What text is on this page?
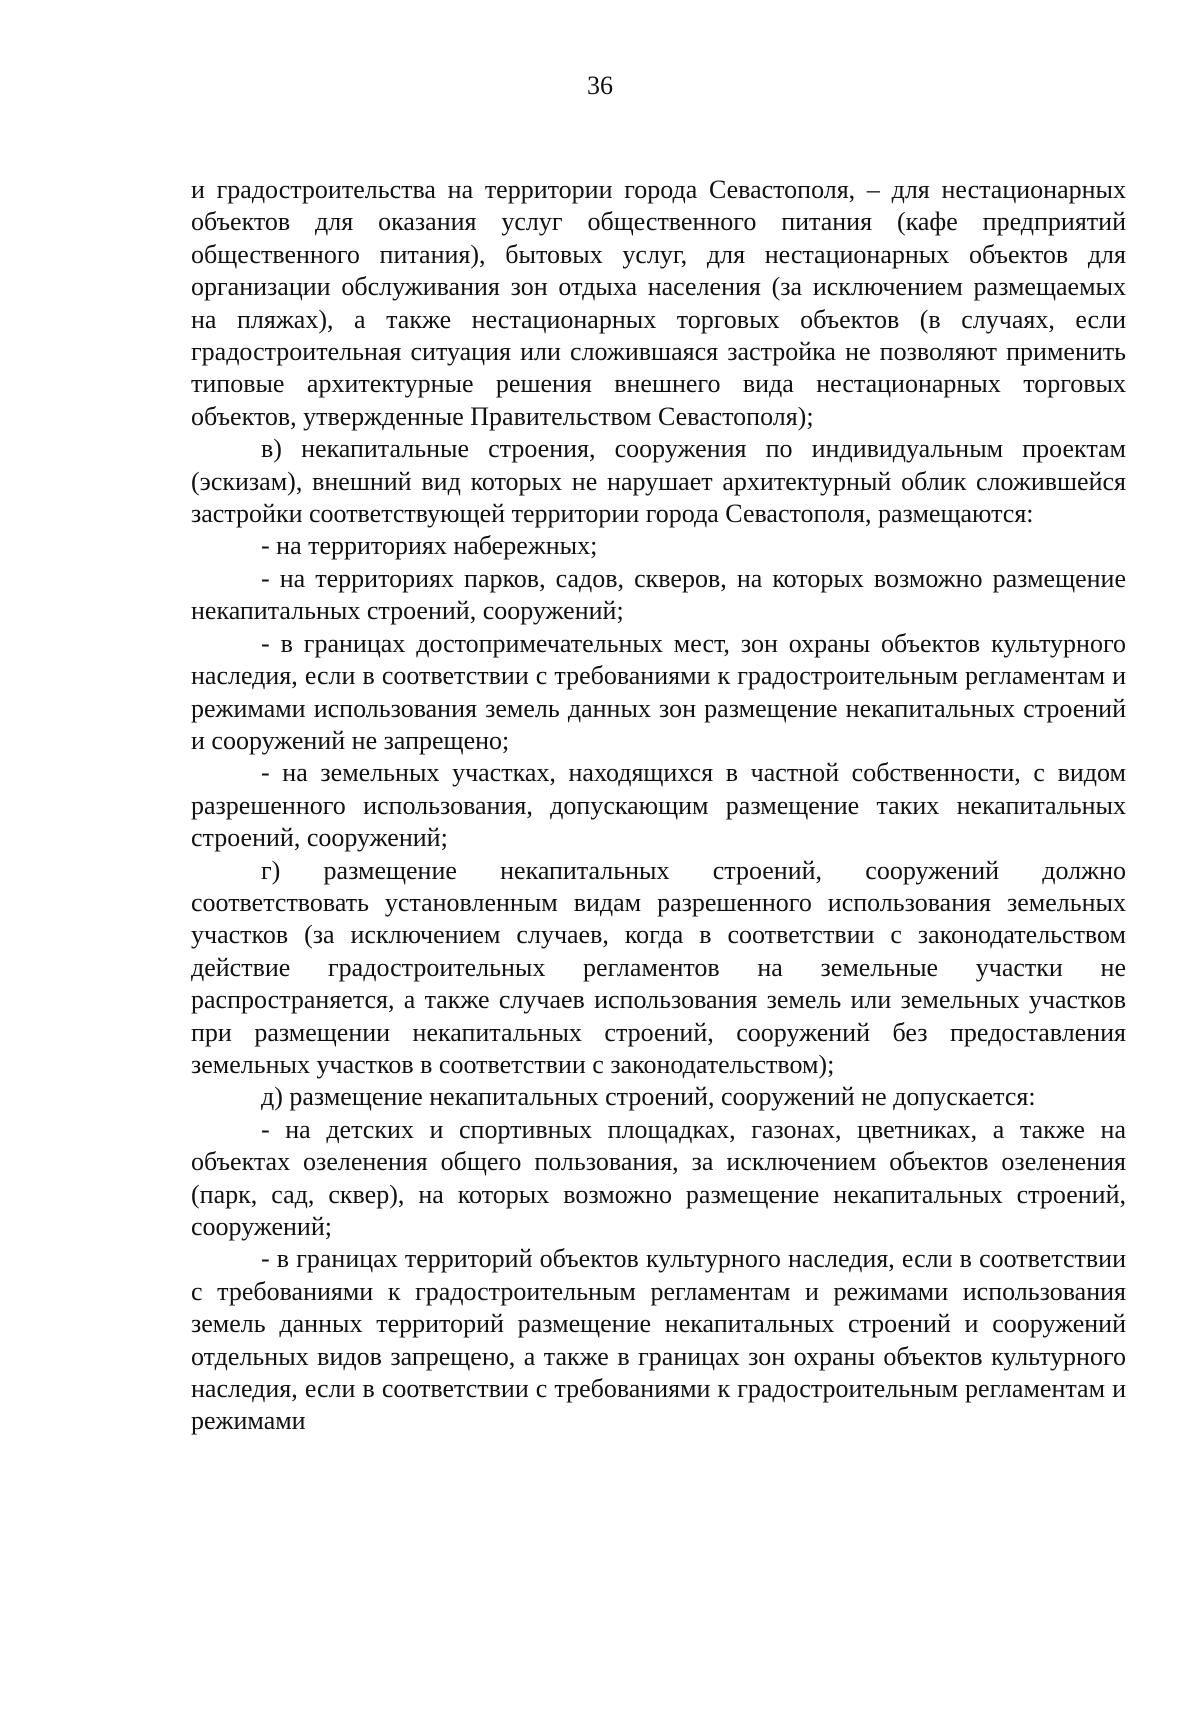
36

и градостроительства на территории города Севастополя, – для нестационарных объектов для оказания услуг общественного питания (кафе предприятий общественного питания), бытовых услуг, для нестационарных объектов для организации обслуживания зон отдыха населения (за исключением размещаемых на пляжах), а также нестационарных торговых объектов (в случаях, если градостроительная ситуация или сложившаяся застройка не позволяют применить типовые архитектурные решения внешнего вида нестационарных торговых объектов, утвержденные Правительством Севастополя);

в) некапитальные строения, сооружения по индивидуальным проектам (эскизам), внешний вид которых не нарушает архитектурный облик сложившейся застройки соответствующей территории города Севастополя, размещаются:

- на территориях набережных;

- на территориях парков, садов, скверов, на которых возможно размещение некапитальных строений, сооружений;

- в границах достопримечательных мест, зон охраны объектов культурного наследия, если в соответствии с требованиями к градостроительным регламентам и режимами использования земель данных зон размещение некапитальных строений и сооружений не запрещено;

- на земельных участках, находящихся в частной собственности, с видом разрешенного использования, допускающим размещение таких некапитальных строений, сооружений;

г) размещение некапитальных строений, сооружений должно соответствовать установленным видам разрешенного использования земельных участков (за исключением случаев, когда в соответствии с законодательством действие градостроительных регламентов на земельные участки не распространяется, а также случаев использования земель или земельных участков при размещении некапитальных строений, сооружений без предоставления земельных участков в соответствии с законодательством);

д) размещение некапитальных строений, сооружений не допускается:

- на детских и спортивных площадках, газонах, цветниках, а также на объектах озеленения общего пользования, за исключением объектов озеленения (парк, сад, сквер), на которых возможно размещение некапитальных строений, сооружений;

- в границах территорий объектов культурного наследия, если в соответствии с требованиями к градостроительным регламентам и режимами использования земель данных территорий размещение некапитальных строений и сооружений отдельных видов запрещено, а также в границах зон охраны объектов культурного наследия, если в соответствии с требованиями к градостроительным регламентам и режимами
